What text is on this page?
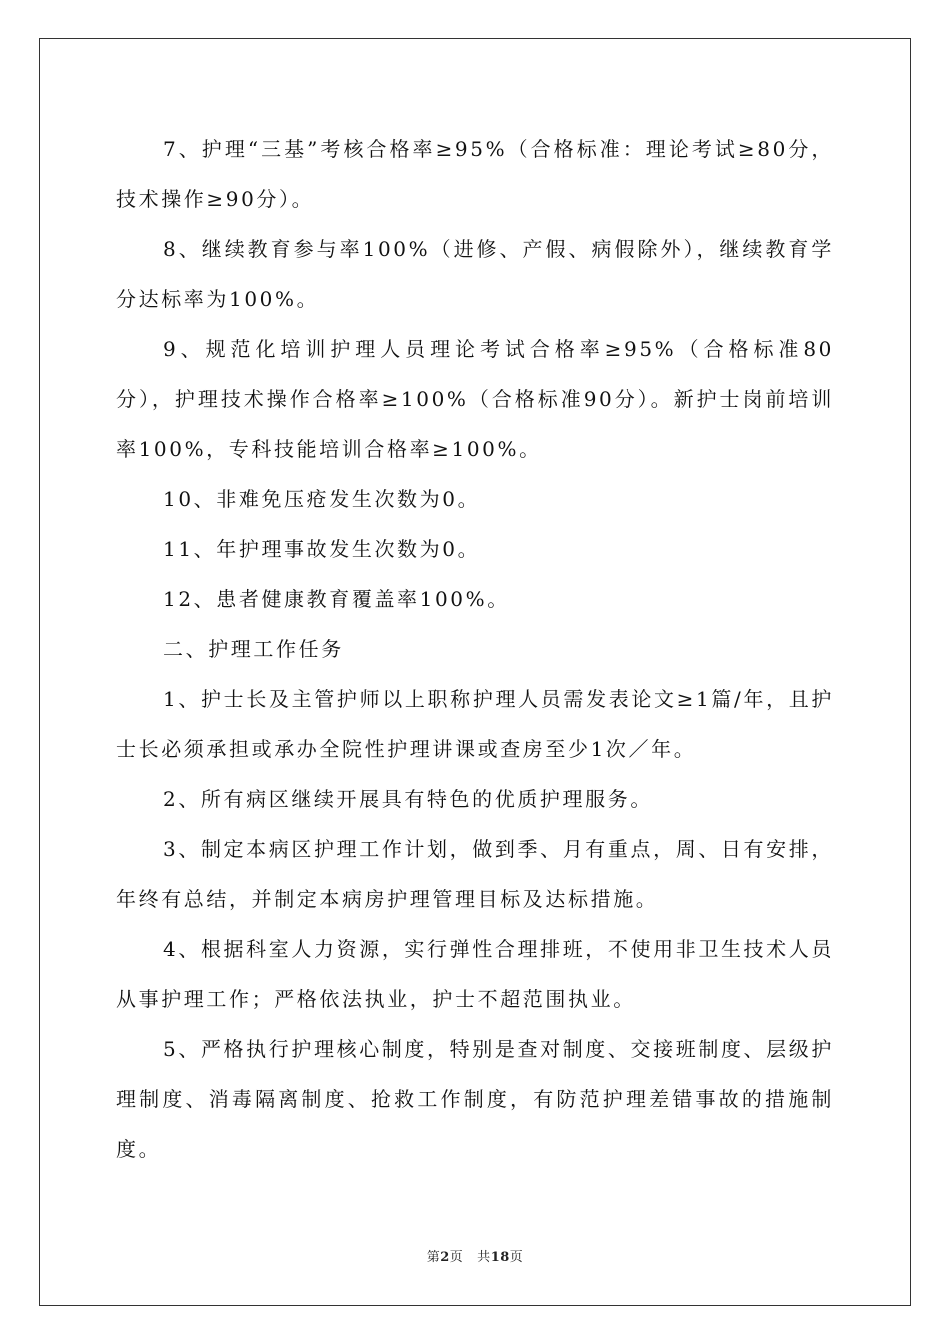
7、护理“三基”考核合格率≥95%（合格标准：理论考试≥80分，技术操作≥90分）。

8、继续教育参与率100%（进修、产假、病假除外），继续教育学分达标率为100%。

9、规范化培训护理人员理论考试合格率≥95%（合格标准80分），护理技术操作合格率≥100%（合格标准90分）。新护士岗前培训率100%，专科技能培训合格率≥100%。

10、非难免压疮发生次数为0。

11、年护理事故发生次数为0。

12、患者健康教育覆盖率100%。

二、护理工作任务

1、护士长及主管护师以上职称护理人员需发表论文≥1篇/年，且护士长必须承担或承办全院性护理讲课或查房至少1次／年。

2、所有病区继续开展具有特色的优质护理服务。

3、制定本病区护理工作计划，做到季、月有重点，周、日有安排，年终有总结，并制定本病房护理管理目标及达标措施。

4、根据科室人力资源，实行弹性合理排班，不使用非卫生技术人员从事护理工作；严格依法执业，护士不超范围执业。

5、严格执行护理核心制度，特别是查对制度、交接班制度、层级护理制度、消毒隔离制度、抢救工作制度，有防范护理差错事故的措施制度。

第2页 共18页
